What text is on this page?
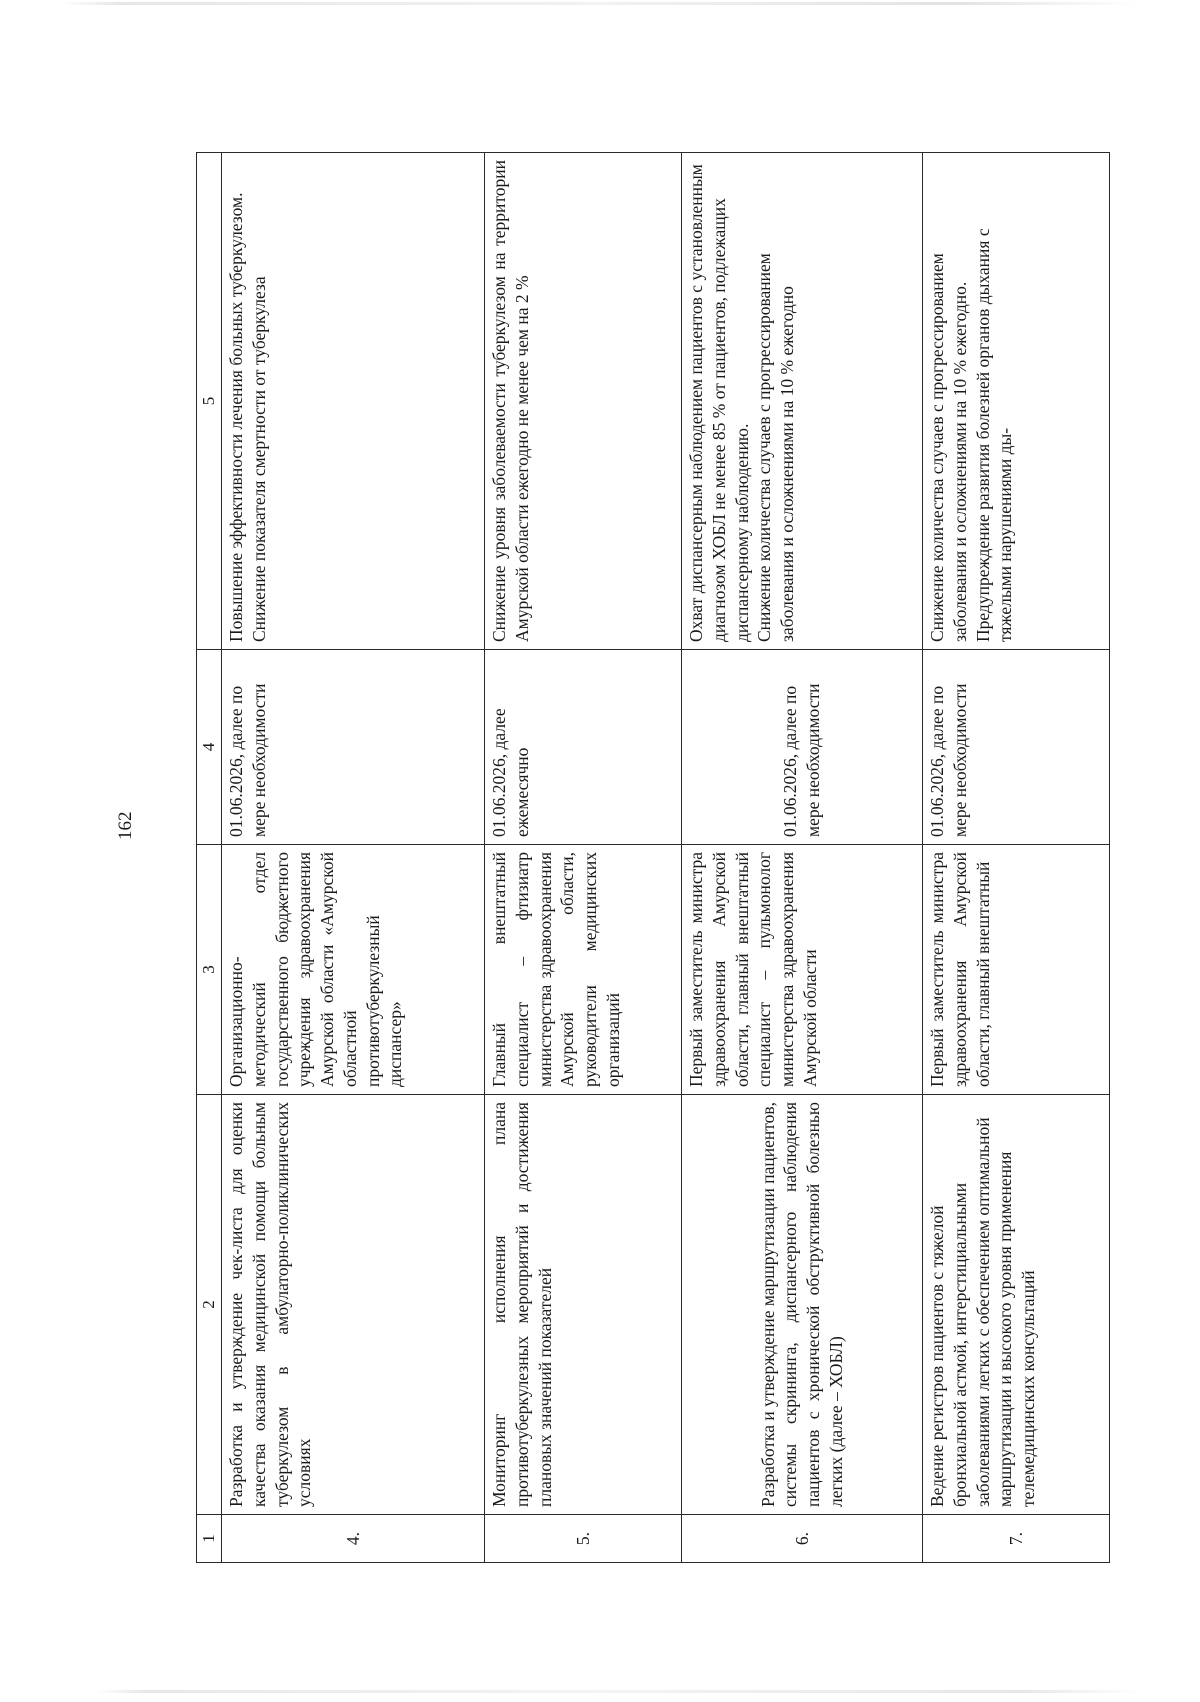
162
1	2	3	4	5
4.	Разработка и утверждение чек-листа для оценки качества оказания медицинской помощи больным туберкулезом в амбулаторно-поликлинических условиях	Организационно-методический отдел государственного бюджетного учреждения здравоохранения Амурской области «Амурской областной противотуберкулезный диспансер»	01.06.2026, далее по мере необходимости	Повышение эффективности лечения больных туберкулезом. Снижение показателя смертности от туберкулеза

5.	Мониторинг исполнения плана противотуберкулезных мероприятий и достижения плановых значений показателей	Главный внештатный специалист – фтизиатр министерства здравоохранения Амурской области, руководители медицинских организаций	01.06.2026, далее ежемесячно	Снижение уровня заболеваемости туберкулезом на территории Амурской области ежегодно не менее чем на 2 %

6.	Разработка и утверждение маршрутизации пациентов, системы скрининга, диспансерного наблюдения пациентов с хронической обструктивной болезнью легких (далее – ХОБЛ)	Первый заместитель министра здравоохранения Амурской области, главный внештатный специалист – пульмонолог министерства здравоохранения Амурской области	01.06.2026, далее по мере необходимости	Охват диспансерным наблюдением пациентов с установленным диагнозом ХОБЛ не менее 85 % от пациентов, подлежащих диспансерному наблюдению. Снижение количества случаев с прогрессированием заболевания и осложнениями на 10 % ежегодно

7.	Ведение регистров пациентов с тяжелой бронхиальной астмой, интерстициальными заболеваниями легких с обеспечением оптимальной маршрутизации и высокого уровня применения телемедицинских консультаций	Первый заместитель министра здравоохранения Амурской области, главный внештатный	01.06.2026, далее по мере необходимости	Снижение количества случаев с прогрессированием заболевания и осложнениями на 10 % ежегодно. Предупреждение развития болезней органов дыхания с тяжелыми нарушениями ды-
